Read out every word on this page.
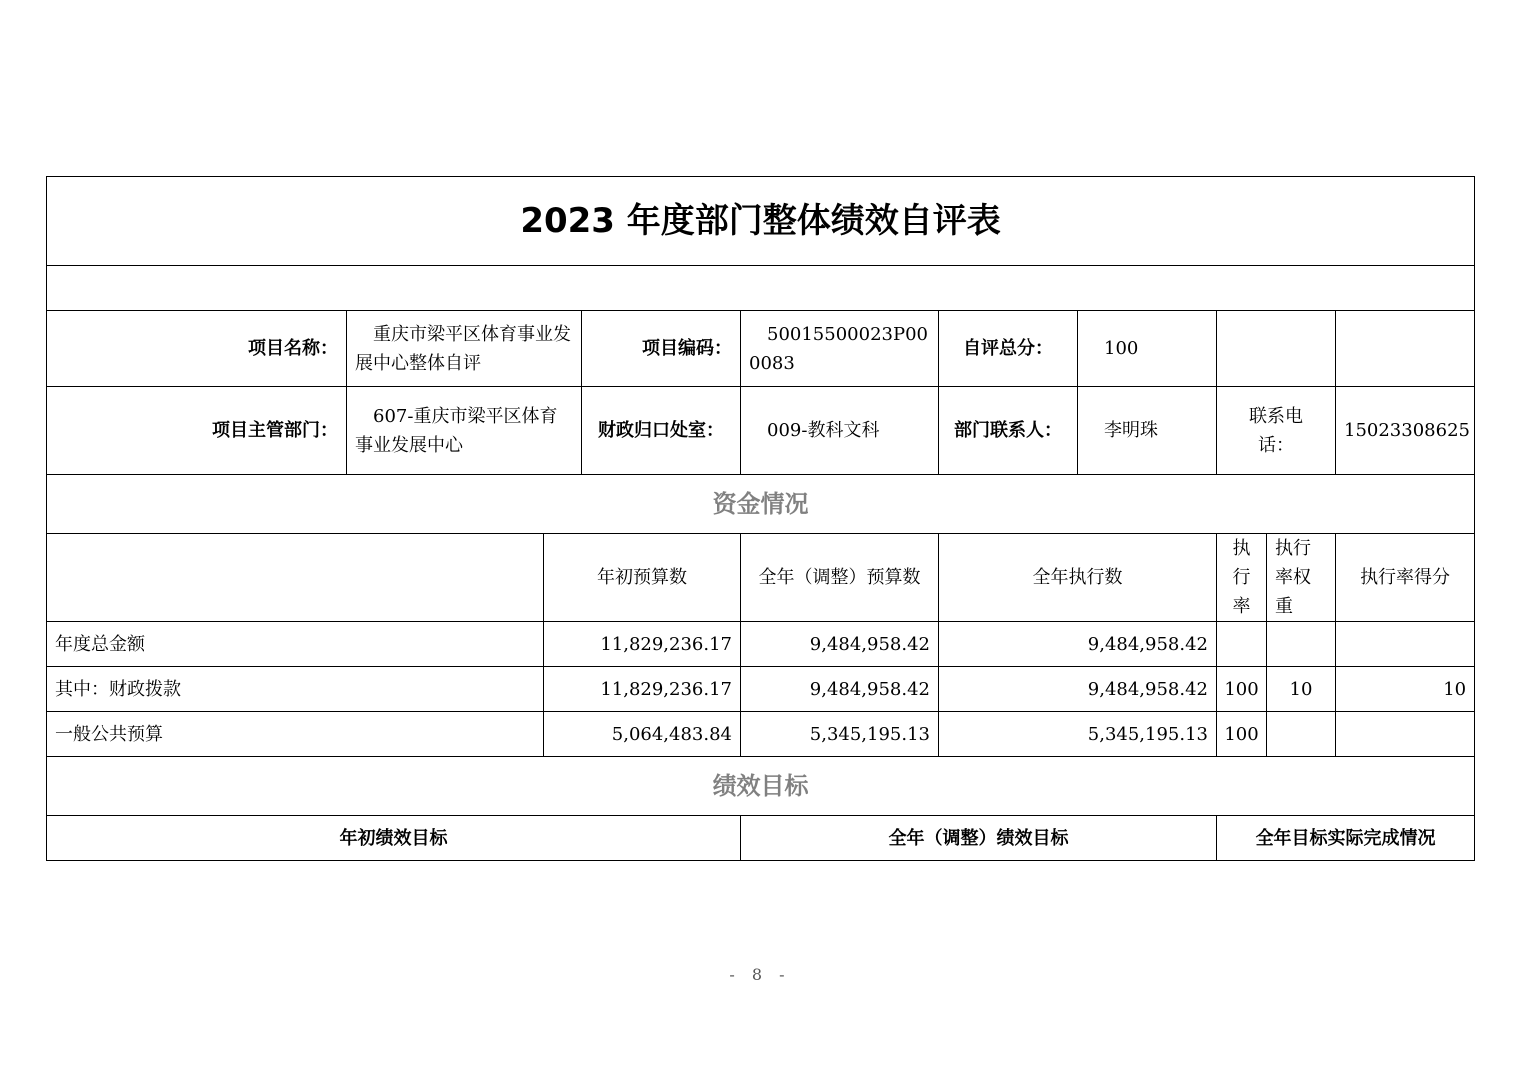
2023 年度部门整体绩效自评表									

项目名称：	重庆市梁平区体育事业发展中心整体自评		项目编码：	50015500023P000083	自评总分：	100			
项目主管部门：	607-重庆市梁平区体育事业发展中心		财政归口处室：	009-教科文科	部门联系人：	李明珠	联系电话：		15023308625
资金情况									
		年初预算数		全年（调整）预算数	全年执行数		执行率	执行率权重	执行率得分
年度总金额		11,829,236.17		9,484,958.42	9,484,958.42				
其中：财政拨款		11,829,236.17		9,484,958.42	9,484,958.42		100	10	10
一般公共预算		5,064,483.84		5,345,195.13	5,345,195.13		100		
绩效目标									
年初绩效目标				全年（调整）绩效目标			全年目标实际完成情况		
- 8 -
